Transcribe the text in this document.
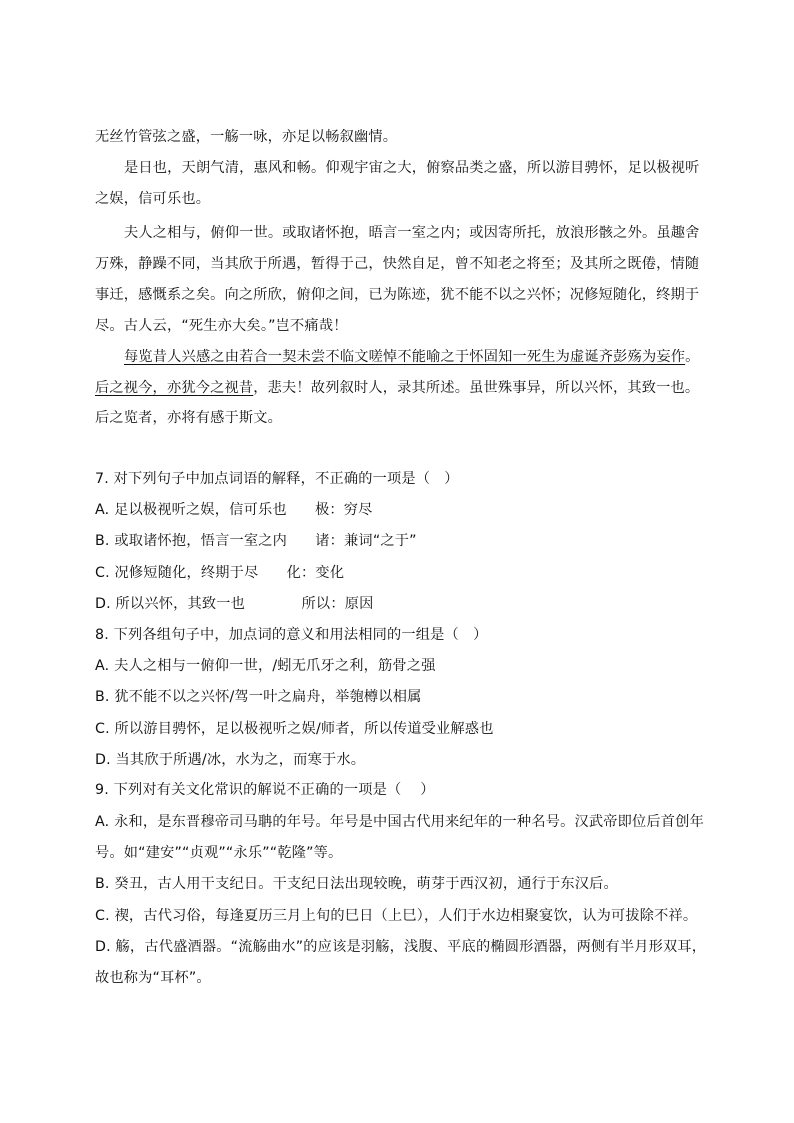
无丝竹管弦之盛，一觞一咏，亦足以畅叙幽情。
是日也，天朗气清，惠风和畅。仰观宇宙之大，俯察品类之盛，所以游目骋怀，足以极视听
之娱，信可乐也。
夫人之相与，俯仰一世。或取诸怀抱，晤言一室之内；或因寄所托，放浪形骸之外。虽趣舍
万殊，静躁不同，当其欣于所遇，暂得于己，快然自足，曾不知老之将至；及其所之既倦，情随
事迁，感慨系之矣。向之所欣，俯仰之间，已为陈迹，犹不能不以之兴怀；况修短随化，终期于
尽。古人云，“死生亦大矣。”岂不痛哉！
每览昔人兴感之由若合一契未尝不临文嗟悼不能喻之于怀固知一死生为虚诞齐彭殇为妄作。
后之视今，亦犹今之视昔，悲夫！故列叙时人，录其所述。虽世殊事异，所以兴怀，其致一也。
后之览者，亦将有感于斯文。
7. 对下列句子中加点词语的解释，不正确的一项是（   ）
A. 足以极视听之娱，信可乐也      极：穷尽
B. 或取诸怀抱，悟言一室之内      诸：兼词“之于”
C. 况修短随化，终期于尽      化：变化
D. 所以兴怀，其致一也            所以：原因
8. 下列各组句子中，加点词的意义和用法相同的一组是（   ）
A. 夫人之相与一俯仰一世，/蚓无爪牙之利，筋骨之强
B. 犹不能不以之兴怀/驾一叶之扁舟，举匏樽以相属
C. 所以游目骋怀，足以极视听之娱/师者，所以传道受业解惑也
D. 当其欣于所遇/冰，水为之，而寒于水。
9. 下列对有关文化常识的解说不正确的一项是（    ）
A. 永和，是东晋穆帝司马聃的年号。年号是中国古代用来纪年的一种名号。汉武帝即位后首创年
号。如“建安”“贞观”“永乐”“乾隆”等。
B. 癸丑，古人用干支纪日。干支纪日法出现较晚，萌芽于西汉初，通行于东汉后。
C. 禊，古代习俗，每逢夏历三月上旬的巳日（上巳），人们于水边相聚宴饮，认为可拔除不祥。
D. 觞，古代盛酒器。“流觞曲水”的应该是羽觞，浅腹、平底的椭圆形酒器，两侧有半月形双耳，
故也称为“耳杯”。
